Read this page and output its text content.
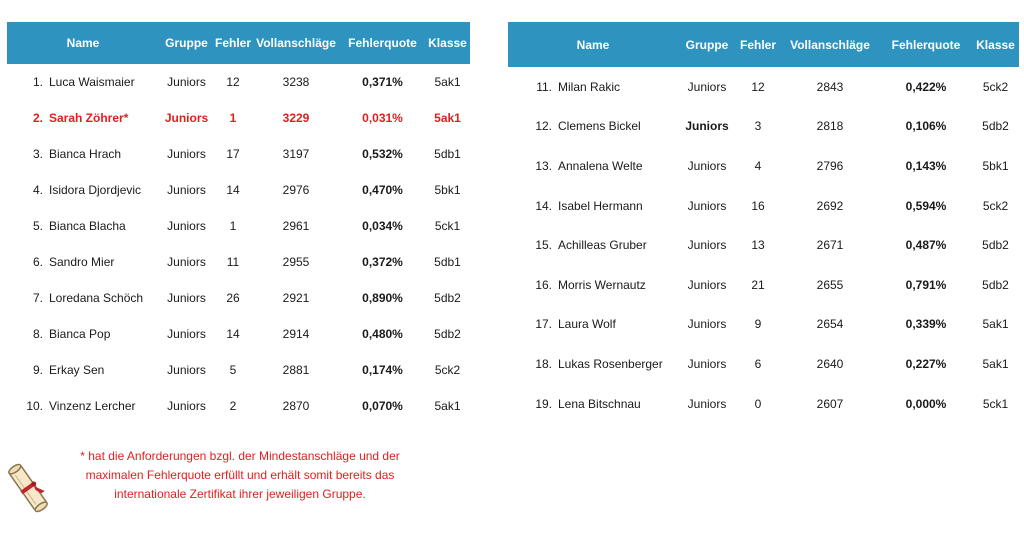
Name		Gruppe	Fehler	Vollanschläge	Fehlerquote	Klasse
1.	Luca Waismaier	Juniors	12	3238	0,371%	5ak1
2.	Sarah Zöhrer*	Juniors	1	3229	0,031%	5ak1
3.	Bianca Hrach	Juniors	17	3197	0,532%	5db1
4.	Isidora Djordjevic	Juniors	14	2976	0,470%	5bk1
5.	Bianca Blacha	Juniors	1	2961	0,034%	5ck1
6.	Sandro Mier	Juniors	11	2955	0,372%	5db1
7.	Loredana Schöch	Juniors	26	2921	0,890%	5db2
8.	Bianca Pop	Juniors	14	2914	0,480%	5db2
9.	Erkay Sen	Juniors	5	2881	0,174%	5ck2
10.	Vinzenz Lercher	Juniors	2	2870	0,070%	5ak1
Name		Gruppe	Fehler	Vollanschläge	Fehlerquote	Klasse
11.	Milan Rakic	Juniors	12	2843	0,422%	5ck2
12.	Clemens Bickel	Juniors	3	2818	0,106%	5db2
13.	Annalena Welte	Juniors	4	2796	0,143%	5bk1
14.	Isabel Hermann	Juniors	16	2692	0,594%	5ck2
15.	Achilleas Gruber	Juniors	13	2671	0,487%	5db2
16.	Morris Wernautz	Juniors	21	2655	0,791%	5db2
17.	Laura Wolf	Juniors	9	2654	0,339%	5ak1
18.	Lukas Rosenberger	Juniors	6	2640	0,227%	5ak1
19.	Lena Bitschnau	Juniors	0	2607	0,000%	5ck1
* hat die Anforderungen bzgl. der Mindestanschläge und der maximalen Fehlerquote erfüllt und erhält somit bereits das internationale Zertifikat ihrer jeweiligen Gruppe.
